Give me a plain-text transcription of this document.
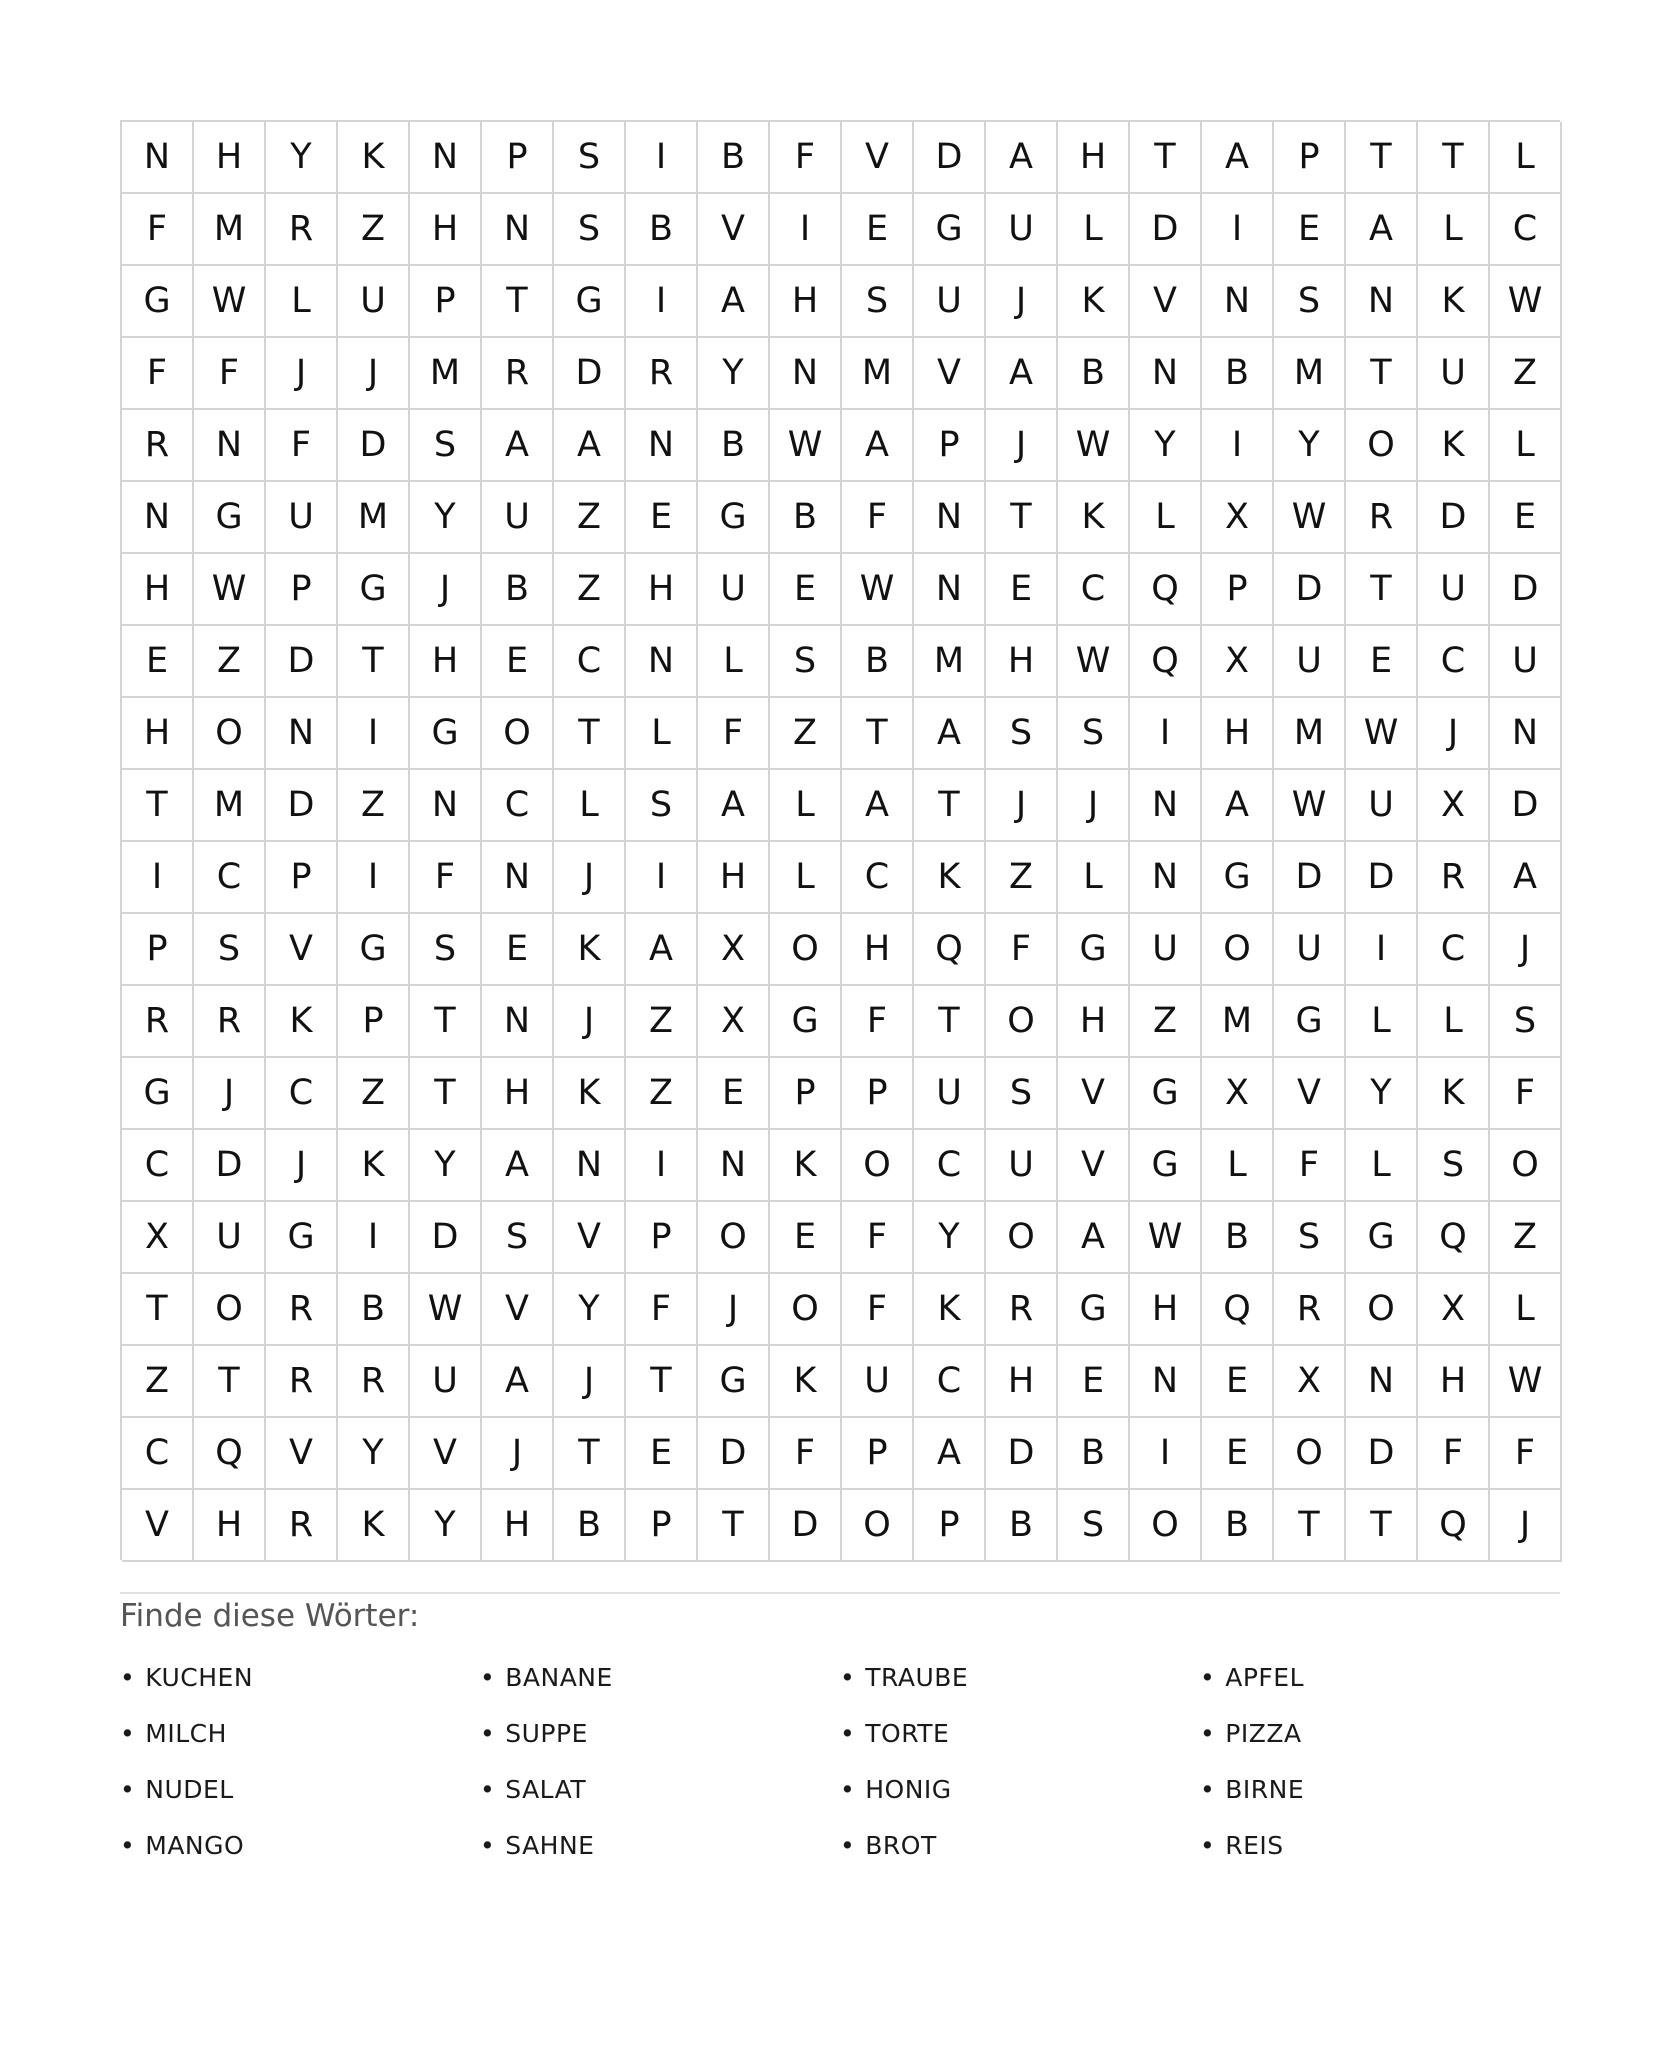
N	H	Y	K	N	P	S	I	B	F	V	D	A	H	T	A	P	T	T	L
F	M	R	Z	H	N	S	B	V	I	E	G	U	L	D	I	E	A	L	C
G	W	L	U	P	T	G	I	A	H	S	U	J	K	V	N	S	N	K	W
F	F	J	J	M	R	D	R	Y	N	M	V	A	B	N	B	M	T	U	Z
R	N	F	D	S	A	A	N	B	W	A	P	J	W	Y	I	Y	O	K	L
N	G	U	M	Y	U	Z	E	G	B	F	N	T	K	L	X	W	R	D	E
H	W	P	G	J	B	Z	H	U	E	W	N	E	C	Q	P	D	T	U	D
E	Z	D	T	H	E	C	N	L	S	B	M	H	W	Q	X	U	E	C	U
H	O	N	I	G	O	T	L	F	Z	T	A	S	S	I	H	M	W	J	N
T	M	D	Z	N	C	L	S	A	L	A	T	J	J	N	A	W	U	X	D
I	C	P	I	F	N	J	I	H	L	C	K	Z	L	N	G	D	D	R	A
P	S	V	G	S	E	K	A	X	O	H	Q	F	G	U	O	U	I	C	J
R	R	K	P	T	N	J	Z	X	G	F	T	O	H	Z	M	G	L	L	S
G	J	C	Z	T	H	K	Z	E	P	P	U	S	V	G	X	V	Y	K	F
C	D	J	K	Y	A	N	I	N	K	O	C	U	V	G	L	F	L	S	O
X	U	G	I	D	S	V	P	O	E	F	Y	O	A	W	B	S	G	Q	Z
T	O	R	B	W	V	Y	F	J	O	F	K	R	G	H	Q	R	O	X	L
Z	T	R	R	U	A	J	T	G	K	U	C	H	E	N	E	X	N	H	W
C	Q	V	Y	V	J	T	E	D	F	P	A	D	B	I	E	O	D	F	F
V	H	R	K	Y	H	B	P	T	D	O	P	B	S	O	B	T	T	Q	J
Finde diese Wörter:
• KUCHEN	• BANANE	• TRAUBE	• APFEL
• MILCH	• SUPPE	• TORTE	• PIZZA
• NUDEL	• SALAT	• HONIG	• BIRNE
• MANGO	• SAHNE	• BROT	• REIS
